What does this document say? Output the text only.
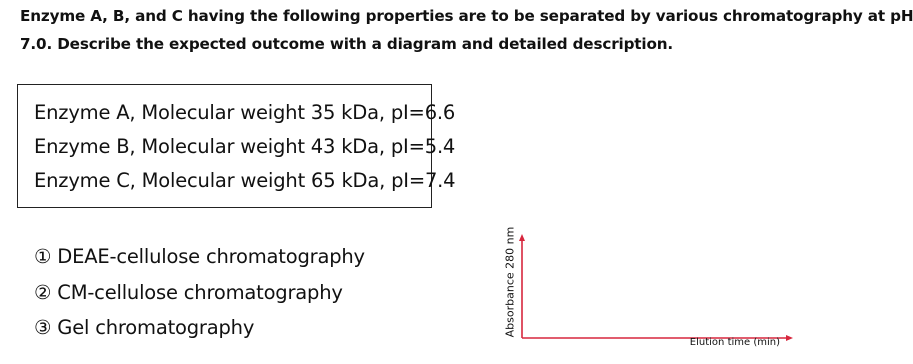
Enzyme A, B, and C having the following properties are to be separated by various chromatography at pH
7.0. Describe the expected outcome with a diagram and detailed description.
Enzyme A, Molecular weight 35 kDa, pI=6.6
Enzyme B, Molecular weight 43 kDa, pI=5.4
Enzyme C, Molecular weight 65 kDa, pI=7.4
① DEAE-cellulose chromatography
② CM-cellulose chromatography
③ Gel chromatography	Absorbance 280 nm
Elution time (min)
